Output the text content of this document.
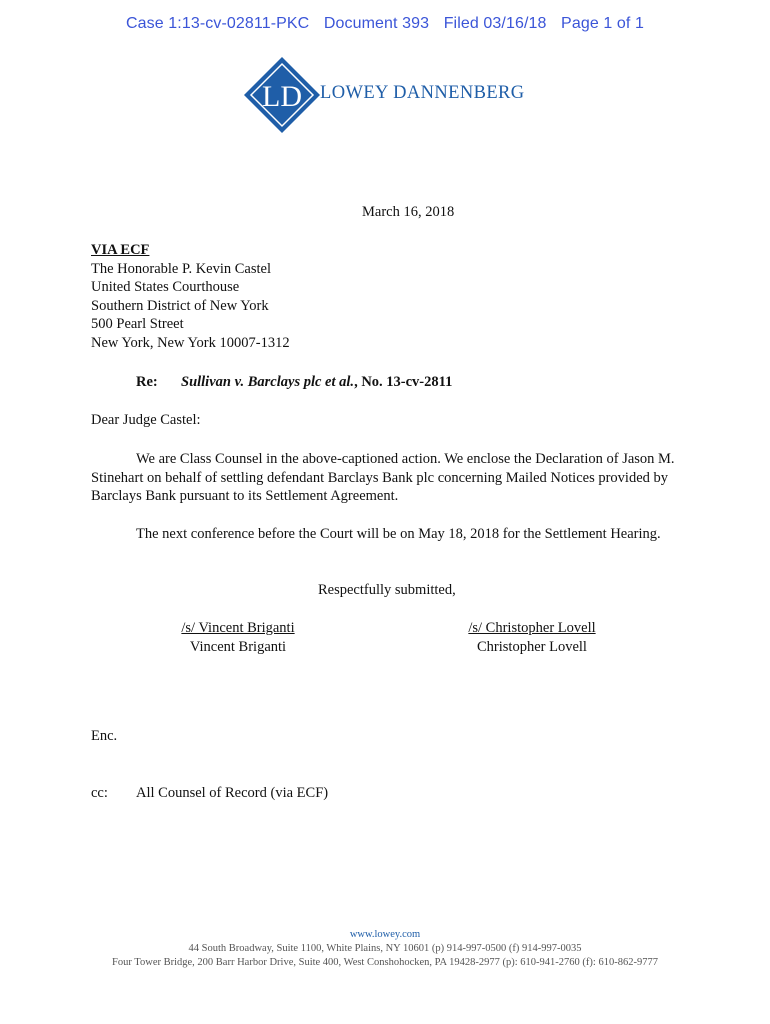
Case 1:13-cv-02811-PKC Document 393 Filed 03/16/18 Page 1 of 1
LD LOWEY DANNENBERG
March 16, 2018
VIA ECF
The Honorable P. Kevin Castel
United States Courthouse
Southern District of New York
500 Pearl Street
New York, New York 10007-1312
Re: Sullivan v. Barclays plc et al., No. 13-cv-2811
Dear Judge Castel:
We are Class Counsel in the above-captioned action. We enclose the Declaration of Jason M.
Stinehart on behalf of settling defendant Barclays Bank plc concerning Mailed Notices provided by
Barclays Bank pursuant to its Settlement Agreement.
The next conference before the Court will be on May 18, 2018 for the Settlement Hearing.
Respectfully submitted,
/s/ Vincent Briganti
Vincent Briganti
/s/ Christopher Lovell
Christopher Lovell
Enc.
cc: All Counsel of Record (via ECF)
www.lowey.com
44 South Broadway, Suite 1100, White Plains, NY 10601 (p) 914-997-0500 (f) 914-997-0035
Four Tower Bridge, 200 Barr Harbor Drive, Suite 400, West Conshohocken, PA 19428-2977 (p): 610-941-2760 (f): 610-862-9777
